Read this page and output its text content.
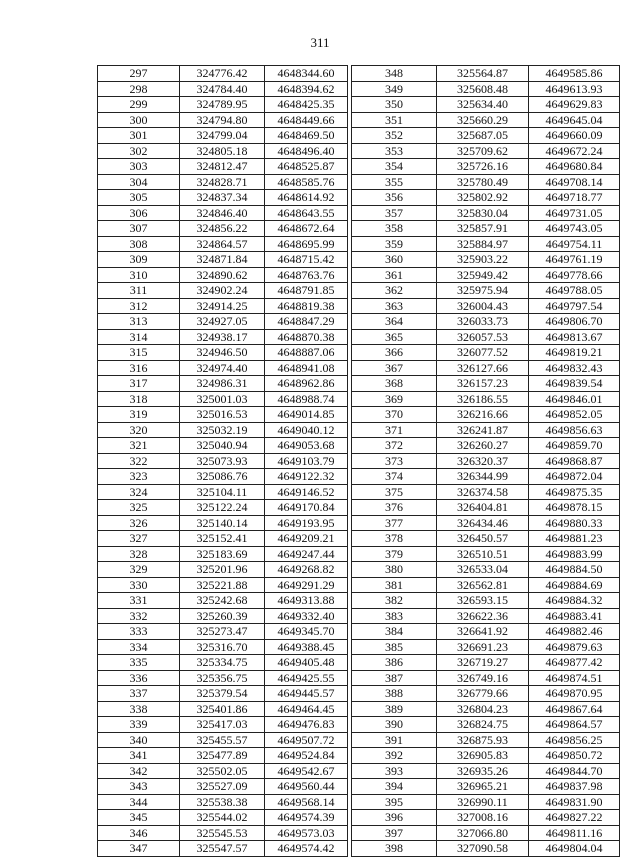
311
297	324776.42	4648344.60
298	324784.40	4648394.62
299	324789.95	4648425.35
300	324794.80	4648449.66
301	324799.04	4648469.50
302	324805.18	4648496.40
303	324812.47	4648525.87
304	324828.71	4648585.76
305	324837.34	4648614.92
306	324846.40	4648643.55
307	324856.22	4648672.64
308	324864.57	4648695.99
309	324871.84	4648715.42
310	324890.62	4648763.76
311	324902.24	4648791.85
312	324914.25	4648819.38
313	324927.05	4648847.29
314	324938.17	4648870.38
315	324946.50	4648887.06
316	324974.40	4648941.08
317	324986.31	4648962.86
318	325001.03	4648988.74
319	325016.53	4649014.85
320	325032.19	4649040.12
321	325040.94	4649053.68
322	325073.93	4649103.79
323	325086.76	4649122.32
324	325104.11	4649146.52
325	325122.24	4649170.84
326	325140.14	4649193.95
327	325152.41	4649209.21
328	325183.69	4649247.44
329	325201.96	4649268.82
330	325221.88	4649291.29
331	325242.68	4649313.88
332	325260.39	4649332.40
333	325273.47	4649345.70
334	325316.70	4649388.45
335	325334.75	4649405.48
336	325356.75	4649425.55
337	325379.54	4649445.57
338	325401.86	4649464.45
339	325417.03	4649476.83
340	325455.57	4649507.72
341	325477.89	4649524.84
342	325502.05	4649542.67
343	325527.09	4649560.44
344	325538.38	4649568.14
345	325544.02	4649574.39
346	325545.53	4649573.03
347	325547.57	4649574.42
348	325564.87	4649585.86
349	325608.48	4649613.93
350	325634.40	4649629.83
351	325660.29	4649645.04
352	325687.05	4649660.09
353	325709.62	4649672.24
354	325726.16	4649680.84
355	325780.49	4649708.14
356	325802.92	4649718.77
357	325830.04	4649731.05
358	325857.91	4649743.05
359	325884.97	4649754.11
360	325903.22	4649761.19
361	325949.42	4649778.66
362	325975.94	4649788.05
363	326004.43	4649797.54
364	326033.73	4649806.70
365	326057.53	4649813.67
366	326077.52	4649819.21
367	326127.66	4649832.43
368	326157.23	4649839.54
369	326186.55	4649846.01
370	326216.66	4649852.05
371	326241.87	4649856.63
372	326260.27	4649859.70
373	326320.37	4649868.87
374	326344.99	4649872.04
375	326374.58	4649875.35
376	326404.81	4649878.15
377	326434.46	4649880.33
378	326450.57	4649881.23
379	326510.51	4649883.99
380	326533.04	4649884.50
381	326562.81	4649884.69
382	326593.15	4649884.32
383	326622.36	4649883.41
384	326641.92	4649882.46
385	326691.23	4649879.63
386	326719.27	4649877.42
387	326749.16	4649874.51
388	326779.66	4649870.95
389	326804.23	4649867.64
390	326824.75	4649864.57
391	326875.93	4649856.25
392	326905.83	4649850.72
393	326935.26	4649844.70
394	326965.21	4649837.98
395	326990.11	4649831.90
396	327008.16	4649827.22
397	327066.80	4649811.16
398	327090.58	4649804.04
